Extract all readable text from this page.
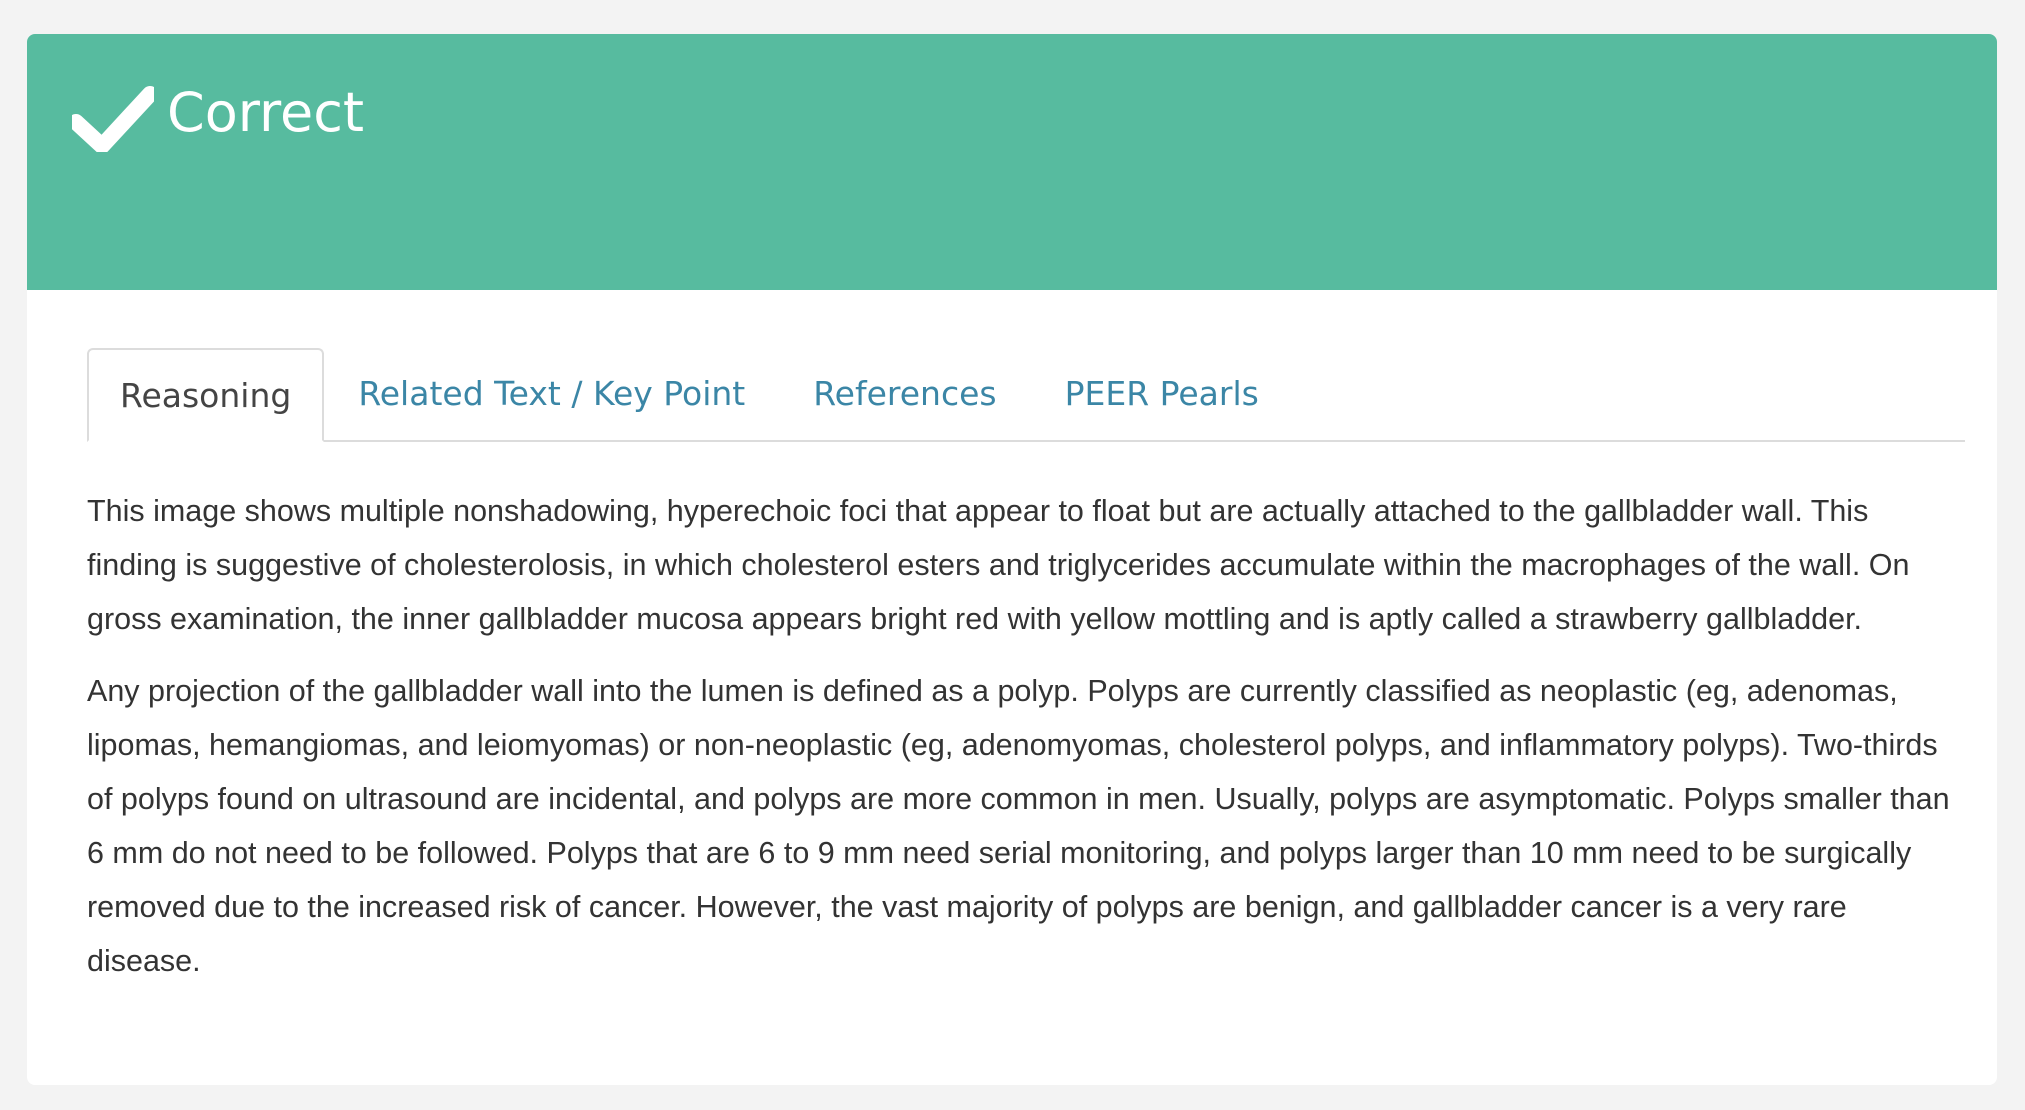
Correct
Reasoning	Related Text / Key Point	References	PEER Pearls

This image shows multiple nonshadowing, hyperechoic foci that appear to float but are actually attached to the gallbladder wall. This finding is suggestive of cholesterolosis, in which cholesterol esters and triglycerides accumulate within the macrophages of the wall. On gross examination, the inner gallbladder mucosa appears bright red with yellow mottling and is aptly called a strawberry gallbladder.

Any projection of the gallbladder wall into the lumen is defined as a polyp. Polyps are currently classified as neoplastic (eg, adenomas, lipomas, hemangiomas, and leiomyomas) or non-neoplastic (eg, adenomyomas, cholesterol polyps, and inflammatory polyps). Two-thirds of polyps found on ultrasound are incidental, and polyps are more common in men. Usually, polyps are asymptomatic. Polyps smaller than 6 mm do not need to be followed. Polyps that are 6 to 9 mm need serial monitoring, and polyps larger than 10 mm need to be surgically removed due to the increased risk of cancer. However, the vast majority of polyps are benign, and gallbladder cancer is a very rare disease.
